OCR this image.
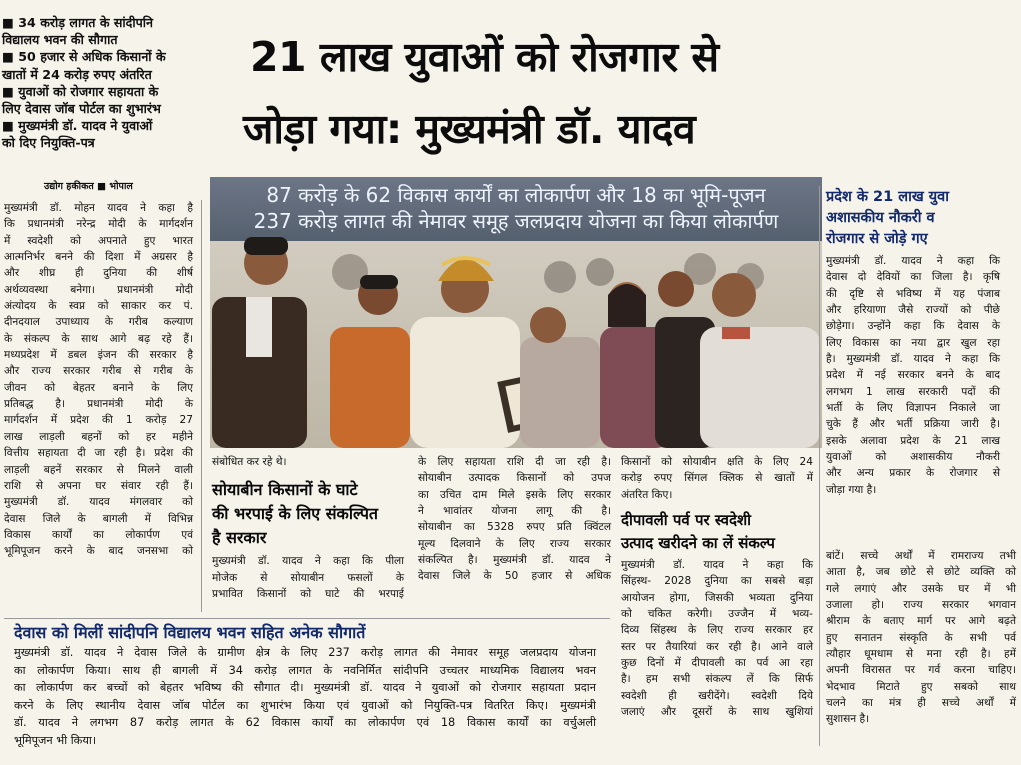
■ 34 करोड़ लागत के सांदीपनि
विद्यालय भवन की सौगात
■ 50 हजार से अधिक किसानों के
खातों में 24 करोड़ रुपए अंतरित
■ युवाओं को रोजगार सहायता के
लिए देवास जॉब पोर्टल का शुभारंभ
■ मुख्यमंत्री डॉ. यादव ने युवाओं
को दिए नियुक्ति-पत्र
उद्योग हकीकत ■ भोपाल
21 लाख युवाओं को रोजगार से
जोड़ा गया: मुख्यमंत्री डॉ. यादव
87 करोड़ के 62 विकास कार्यों का लोकार्पण और 18 का भूमि-पूजन
237 करोड़ लागत की नेमावर समूह जलप्रदाय योजना का किया लोकार्पण

मुख्यमंत्री डॉ. मोहन यादव ने कहा है

कि प्रधानमंत्री नरेन्द्र मोदी के मार्गदर्शन

में स्वदेशी को अपनाते हुए भारत

आत्मनिर्भर बनने की दिशा में अग्रसर है

और शीघ्र ही दुनिया की शीर्ष

अर्थव्यवस्था बनेगा। प्रधानमंत्री मोदी

अंत्योदय के स्वप्न को साकार कर पं.

दीनदयाल उपाध्याय के गरीब कल्याण

के संकल्प के साथ आगे बढ़ रहे हैं।

मध्यप्रदेश में डबल इंजन की सरकार है

और राज्य सरकार गरीब से गरीब के

जीवन को बेहतर बनाने के लिए

प्रतिबद्ध है। प्रधानमंत्री मोदी के

मार्गदर्शन में प्रदेश की 1 करोड़ 27

लाख लाड़ली बहनों को हर महीने

वित्तीय सहायता दी जा रही है। प्रदेश की

लाड़ली बहनें सरकार से मिलने वाली

राशि से अपना घर संवार रही हैं।

मुख्यमंत्री डॉ. यादव मंगलवार को

देवास जिले के बागली में विभिन्न

विकास कार्यों का लोकार्पण एवं

भूमिपूजन करने के बाद जनसभा को

संबोधित कर रहे थे।

सोयाबीन किसानों के घाटे
की भरपाई के लिए संकल्पित
है सरकार

मुख्यमंत्री डॉ. यादव ने कहा कि पीला

मोजेक से सोयाबीन फसलों के

प्रभावित किसानों को घाटे की भरपाई

के लिए सहायता राशि दी जा रही है।

सोयाबीन उत्पादक किसानों को उपज

का उचित दाम मिले इसके लिए सरकार

ने भावांतर योजना लागू की है।

सोयाबीन का 5328 रुपए प्रति क्विंटल

मूल्य दिलवाने के लिए राज्य सरकार

संकल्पित है। मुख्यमंत्री डॉ. यादव ने

देवास जिले के 50 हजार से अधिक

किसानों को सोयाबीन क्षति के लिए 24

करोड़ रुपए सिंगल क्लिक से खातों में

अंतरित किए।

दीपावली पर्व पर स्वदेशी
उत्पाद खरीदने का लें संकल्प

मुख्यमंत्री डॉ. यादव ने कहा कि

सिंहस्थ- 2028 दुनिया का सबसे बड़ा

आयोजन होगा, जिसकी भव्यता दुनिया

को चकित करेगी। उज्जैन में भव्य-

दिव्य सिंहस्थ के लिए राज्य सरकार हर

स्तर पर तैयारियां कर रही है। आने वाले

कुछ दिनों में दीपावली का पर्व आ रहा

है। हम सभी संकल्प लें कि सिर्फ

स्वदेशी ही खरीदेंगे। स्वदेशी दिये

जलाएं और दूसरों के साथ खुशियां

प्रदेश के 21 लाख युवा
अशासकीय नौकरी व
रोजगार से जोड़े गए

मुख्यमंत्री डॉ. यादव ने कहा कि

देवास दो देवियों का जिला है। कृषि

की दृष्टि से भविष्य में यह पंजाब

और हरियाणा जैसे राज्यों को पीछे

छोड़ेगा। उन्होंने कहा कि देवास के

लिए विकास का नया द्वार खुल रहा

है। मुख्यमंत्री डॉ. यादव ने कहा कि

प्रदेश में नई सरकार बनने के बाद

लगभग 1 लाख सरकारी पदों की

भर्ती के लिए विज्ञापन निकाले जा

चुके हैं और भर्ती प्रक्रिया जारी है।

इसके अलावा प्रदेश के 21 लाख

युवाओं को अशासकीय नौकरी

और अन्य प्रकार के रोजगार से

जोड़ा गया है।

बांटें। सच्चे अर्थों में रामराज्य तभी

आता है, जब छोटे से छोटे व्यक्ति को

गले लगाएं और उसके घर में भी

उजाला हो। राज्य सरकार भगवान

श्रीराम के बताए मार्ग पर आगे बढ़ते

हुए सनातन संस्कृति के सभी पर्व

त्यौहार धूमधाम से मना रही है। हमें

अपनी विरासत पर गर्व करना चाहिए।

भेदभाव मिटाते हुए सबको साथ

चलने का मंत्र ही सच्चे अर्थों में

सुशासन है।

देवास को मिलीं सांदीपनि विद्यालय भवन सहित अनेक सौगातें

मुख्यमंत्री डॉ. यादव ने देवास जिले के ग्रामीण क्षेत्र के लिए 237 करोड़ लागत की नेमावर समूह जलप्रदाय योजना

का लोकार्पण किया। साथ ही बागली में 34 करोड़ लागत के नवनिर्मित सांदीपनि उच्चतर माध्यमिक विद्यालय भवन

का लोकार्पण कर बच्चों को बेहतर भविष्य की सौगात दी। मुख्यमंत्री डॉ. यादव ने युवाओं को रोजगार सहायता प्रदान

करने के लिए स्थानीय देवास जॉब पोर्टल का शुभारंभ किया एवं युवाओं को नियुक्ति-पत्र वितरित किए। मुख्यमंत्री

डॉ. यादव ने लगभग 87 करोड़ लागत के 62 विकास कार्यों का लोकार्पण एवं 18 विकास कार्यों का वर्चुअली

भूमिपूजन भी किया।
